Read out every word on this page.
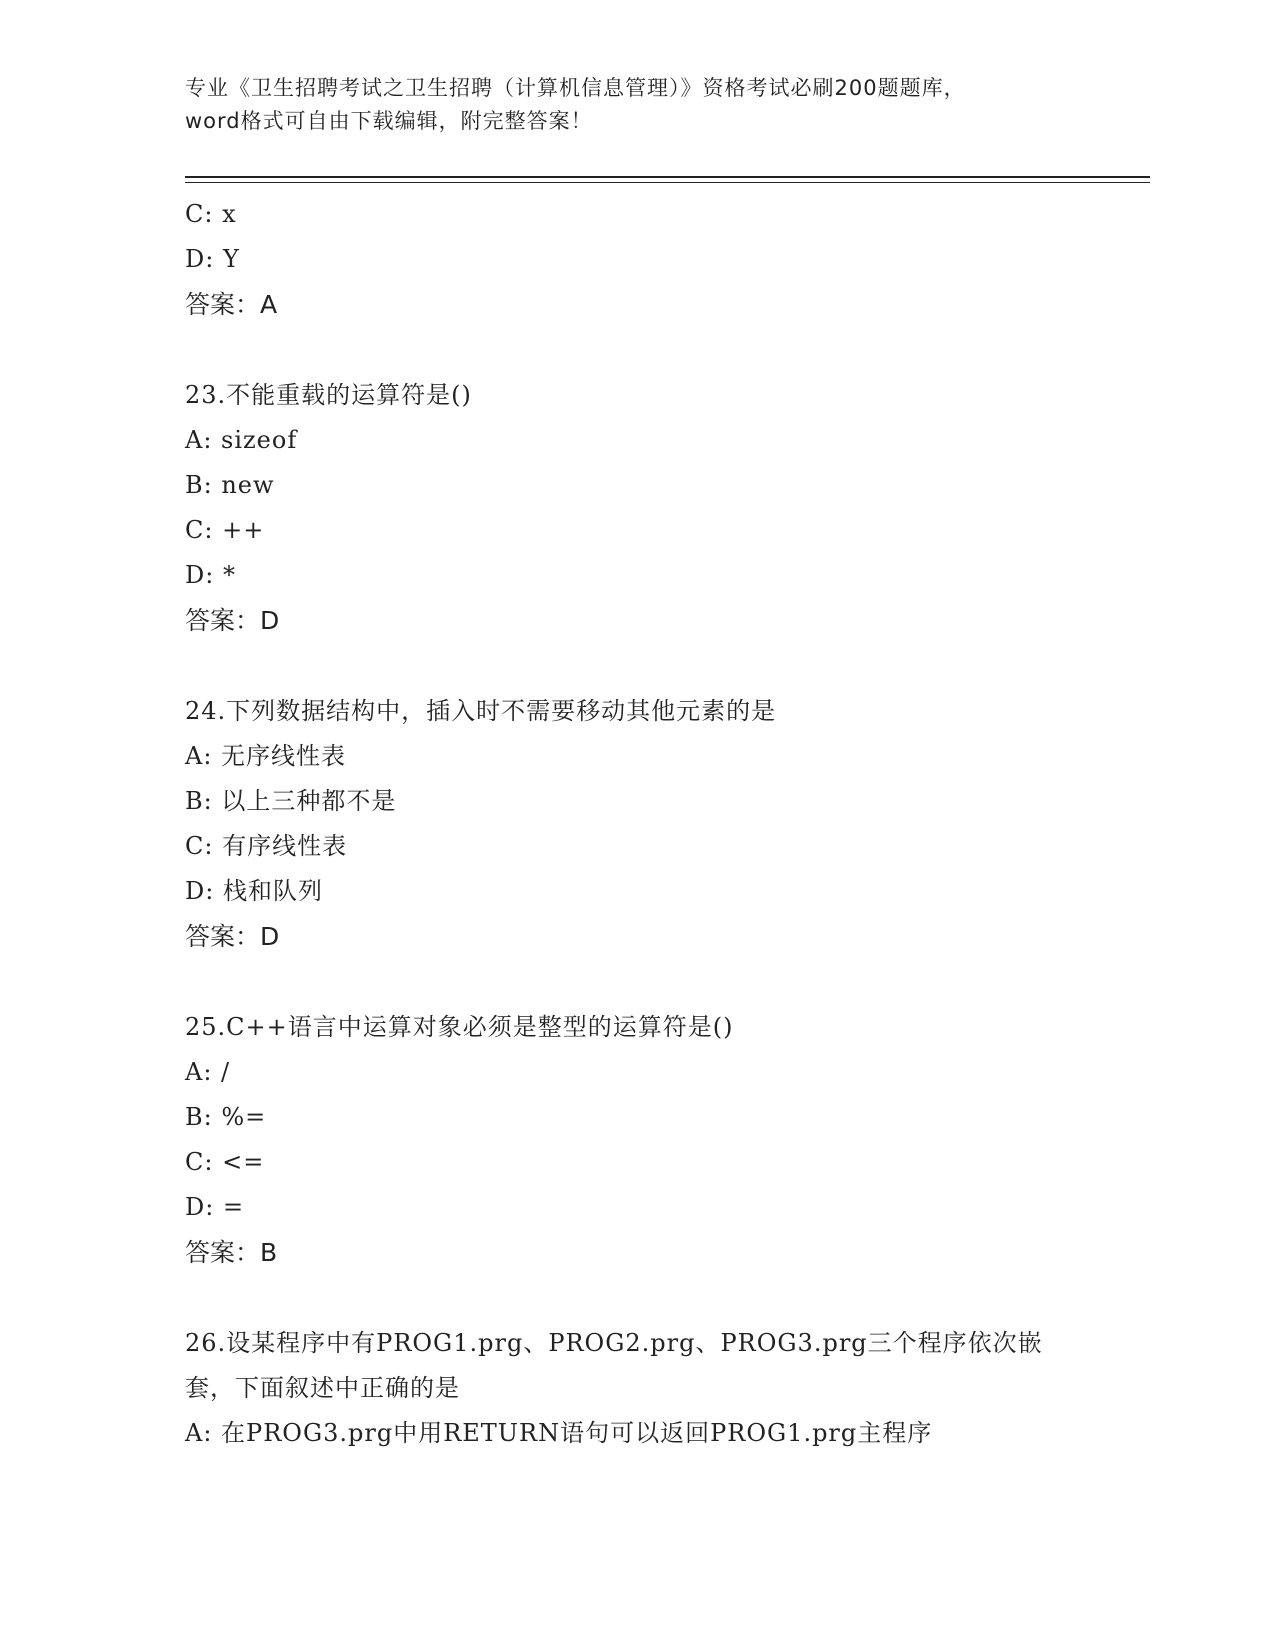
专业《卫生招聘考试之卫生招聘（计算机信息管理）》资格考试必刷200题题库，
word格式可自由下载编辑，附完整答案！
C: x
D: Y
答案：A
23.不能重载的运算符是()
A: sizeof
B: new
C: ++
D: *
答案：D
24.下列数据结构中，插入时不需要移动其他元素的是
A: 无序线性表
B: 以上三种都不是
C: 有序线性表
D: 栈和队列
答案：D
25.C++语言中运算对象必须是整型的运算符是()
A: /
B: %=
C: <=
D: =
答案：B
26.设某程序中有PROG1.prg、PROG2.prg、PROG3.prg三个程序依次嵌
套，下面叙述中正确的是
A: 在PROG3.prg中用RETURN语句可以返回PROG1.prg主程序
